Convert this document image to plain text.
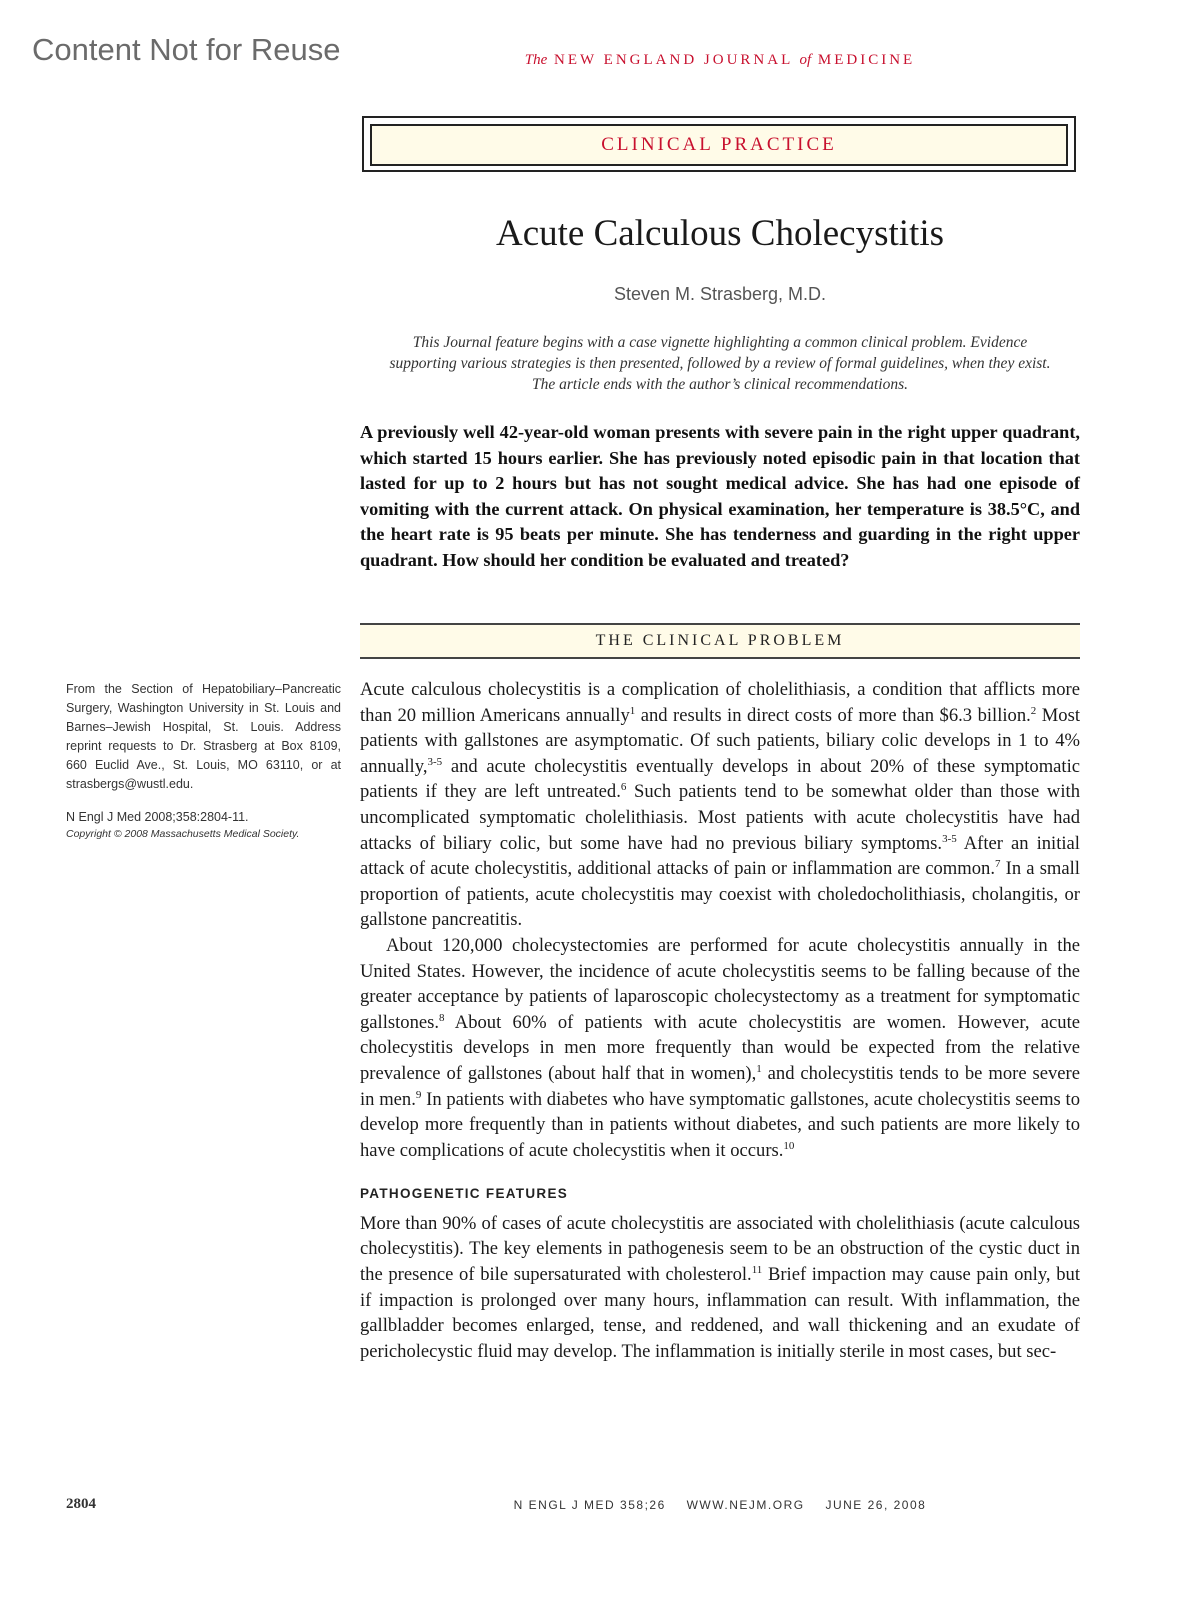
Content Not for Reuse	The NEW ENGLAND JOURNAL of MEDICINE
CLINICAL PRACTICE
Acute Calculous Cholecystitis
Steven M. Strasberg, M.D.
This Journal feature begins with a case vignette highlighting a common clinical problem. Evidence supporting various strategies is then presented, followed by a review of formal guidelines, when they exist. The article ends with the author’s clinical recommendations.
A previously well 42-year-old woman presents with severe pain in the right upper quadrant, which started 15 hours earlier. She has previously noted episodic pain in that location that lasted for up to 2 hours but has not sought medical advice. She has had one episode of vomiting with the current attack. On physical examination, her temperature is 38.5°C, and the heart rate is 95 beats per minute. She has tenderness and guarding in the right upper quadrant. How should her condition be evaluated and treated?
THE CLINICAL PROBLEM
From the Section of Hepatobiliary–Pancreatic Surgery, Washington University in St. Louis and Barnes–Jewish Hospital, St. Louis. Address reprint requests to Dr. Strasberg at Box 8109, 660 Euclid Ave., St. Louis, MO 63110, or at strasbergs@wustl.edu.
N Engl J Med 2008;358:2804-11.
Copyright © 2008 Massachusetts Medical Society.

Acute calculous cholecystitis is a complication of cholelithiasis, a condition that afflicts more than 20 million Americans annually$^1$ and results in direct costs of more than $6.3 billion.$^2$ Most patients with gallstones are asymptomatic. Of such patients, biliary colic develops in 1 to 4% annually,$^{3-5}$ and acute cholecystitis eventually develops in about 20% of these symptomatic patients if they are left untreated.$^6$ Such patients tend to be somewhat older than those with uncomplicated symptomatic cholelithiasis. Most patients with acute cholecystitis have had attacks of biliary colic, but some have had no previous biliary symptoms.$^{3-5}$ After an initial attack of acute cholecystitis, additional attacks of pain or inflammation are common.$^7$ In a small proportion of patients, acute cholecystitis may coexist with choledocholithiasis, cholangitis, or gallstone pancreatitis.

About 120,000 cholecystectomies are performed for acute cholecystitis annually in the United States. However, the incidence of acute cholecystitis seems to be falling because of the greater acceptance by patients of laparoscopic cholecystectomy as a treatment for symptomatic gallstones.$^8$ About 60% of patients with acute cholecystitis are women. However, acute cholecystitis develops in men more frequently than would be expected from the relative prevalence of gallstones (about half that in women),$^1$ and cholecystitis tends to be more severe in men.$^9$ In patients with diabetes who have symptomatic gallstones, acute cholecystitis seems to develop more frequently than in patients without diabetes, and such patients are more likely to have complications of acute cholecystitis when it occurs.$^{10}$

PATHOGENETIC FEATURES

More than 90% of cases of acute cholecystitis are associated with cholelithiasis (acute calculous cholecystitis). The key elements in pathogenesis seem to be an obstruction of the cystic duct in the presence of bile supersaturated with cholesterol.$^{11}$ Brief impaction may cause pain only, but if impaction is prolonged over many hours, inflammation can result. With inflammation, the gallbladder becomes enlarged, tense, and reddened, and wall thickening and an exudate of pericholecystic fluid may develop. The inflammation is initially sterile in most cases, but sec-

2804	N ENGL J MED 358;26 WWW.NEJM.ORG JUNE 26, 2008
